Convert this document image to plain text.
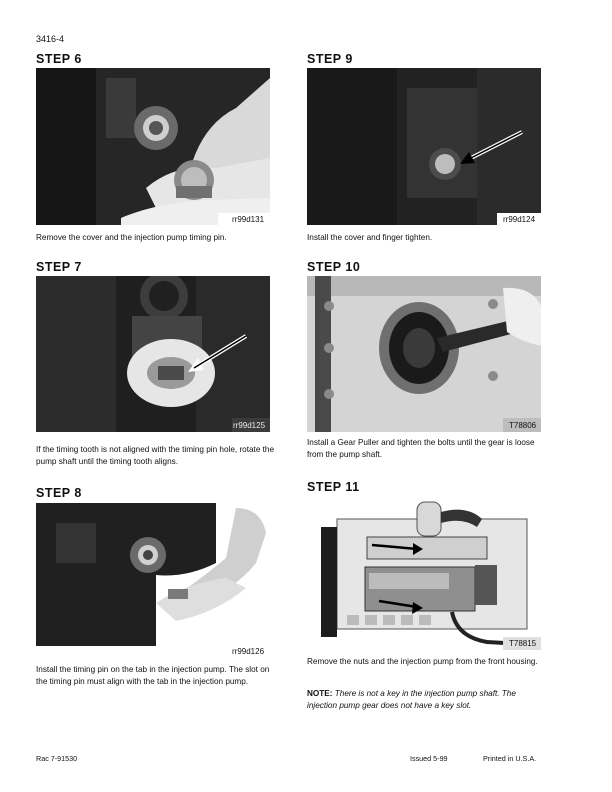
3416-4
STEP 6
rr99d131
Remove the cover and the injection pump timing pin.
STEP 7
rr99d125
If the timing tooth is not aligned with the timing pin hole, rotate the pump shaft until the timing tooth aligns.
STEP 8
rr99d126
Install the timing pin on the tab in the injection pump. The slot on the timing pin must align with the tab in the injection pump.
STEP 9
rr99d124
Install the cover and finger tighten.
STEP 10
T78806
Install a Gear Puller and tighten the bolts until the gear is loose from the pump shaft.
STEP 11
T78815
Remove the nuts and the injection pump from the front housing.
NOTE: There is not a key in the injection pump shaft. The injection pump gear does not have a key slot.
Rac 7-91530	Issued 5-99	Printed in U.S.A.
